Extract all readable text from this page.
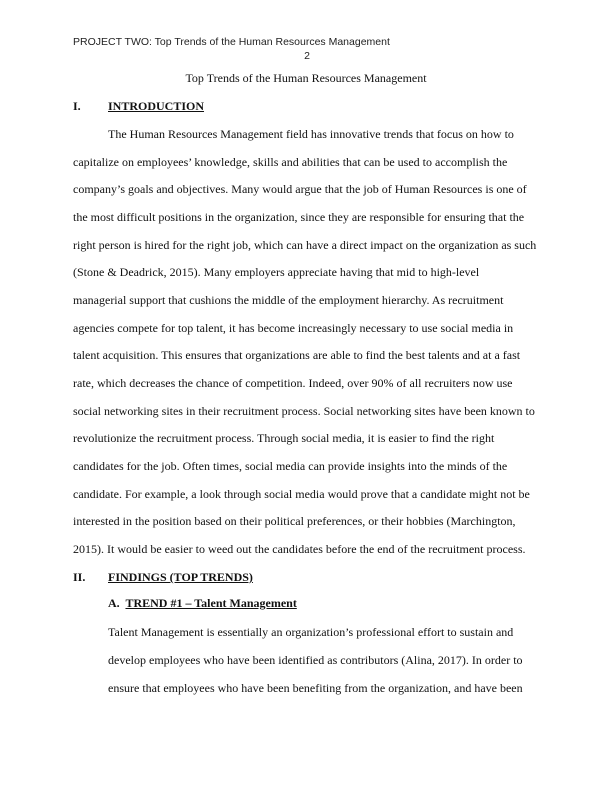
PROJECT TWO: Top Trends of the Human Resources Management
2
Top Trends of the Human Resources Management
I. INTRODUCTION
The Human Resources Management field has innovative trends that focus on how to
capitalize on employees’ knowledge, skills and abilities that can be used to accomplish the
company’s goals and objectives. Many would argue that the job of Human Resources is one of
the most difficult positions in the organization, since they are responsible for ensuring that the
right person is hired for the right job, which can have a direct impact on the organization as such
(Stone & Deadrick, 2015). Many employers appreciate having that mid to high-level
managerial support that cushions the middle of the employment hierarchy. As recruitment
agencies compete for top talent, it has become increasingly necessary to use social media in
talent acquisition. This ensures that organizations are able to find the best talents and at a fast
rate, which decreases the chance of competition. Indeed, over 90% of all recruiters now use
social networking sites in their recruitment process. Social networking sites have been known to
revolutionize the recruitment process. Through social media, it is easier to find the right
candidates for the job. Often times, social media can provide insights into the minds of the
candidate. For example, a look through social media would prove that a candidate might not be
interested in the position based on their political preferences, or their hobbies (Marchington,
2015). It would be easier to weed out the candidates before the end of the recruitment process.
II. FINDINGS (TOP TRENDS)
A. TREND #1 – Talent Management
Talent Management is essentially an organization’s professional effort to sustain and
develop employees who have been identified as contributors (Alina, 2017). In order to
ensure that employees who have been benefiting from the organization, and have been
